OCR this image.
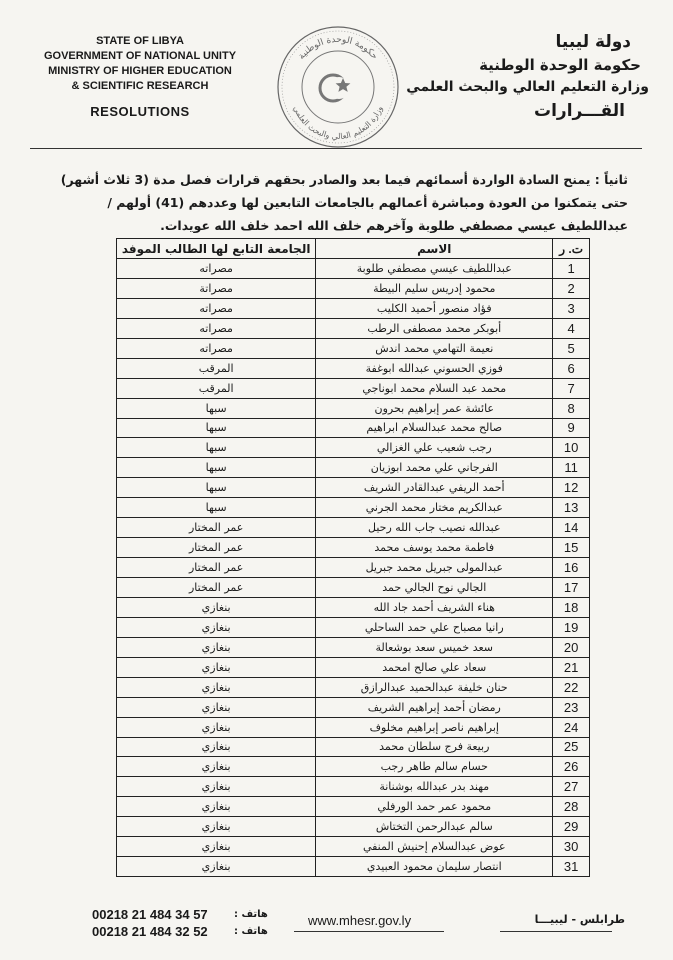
STATE OF LIBYA
GOVERNMENT OF NATIONAL UNITY
MINISTRY OF HIGHER EDUCATION
& SCIENTIFIC RESEARCH
RESOLUTIONS
حكومة الوحدة الوطنية
وزارة التعليم العالي والبحث العلمي
دولة ليبيا
حكومة الوحدة الوطنية
وزارة التعليم العالي والبحث العلمي
القـــرارات
ثانياً : يمنح السادة الواردة أسمائهم فيما بعد والصادر بحقهم قرارات فصل مدة (3 ثلاث أشهر) حتى يتمكنوا من العودة ومباشرة أعمالهم بالجامعات التابعين لها وعددهم (41) أولهم / عبداللطيف عيسي مصطفي طلوبة وآخرهم خلف الله احمد خلف الله عويدات.
ت. ر	الاسم	الجامعة التابع لها الطالب الموفد
1	عبداللطيف عيسي مصطفي طلوبة	مصراته
2	محمود إدريس سليم البيطة	مصراتة
3	فؤاد منصور أحميد الكليب	مصراته
4	أبوبكر محمد مصطفى الرطب	مصراته
5	نعيمة التهامي محمد اندش	مصراته
6	فوزي الحسوني عبدالله ابوغفة	المرقب
7	محمد عبد السلام محمد ابوناجي	المرقب
8	عائشة عمر إبراهيم بحرون	سبها
9	صالح محمد عبدالسلام ابراهيم	سبها
10	رجب شعيب علي الغزالي	سبها
11	الفرجاني علي محمد ابوزيان	سبها
12	أحمد الريفي عبدالقادر الشريف	سبها
13	عبدالكريم مختار محمد الجرني	سبها
14	عبدالله نصيب جاب الله رحيل	عمر المختار
15	فاطمة محمد يوسف محمد	عمر المختار
16	عبدالمولى جبريل محمد جبريل	عمر المختار
17	الجالي نوح الجالي حمد	عمر المختار
18	هناء الشريف أحمد جاد الله	بنغازي
19	رانيا مصباح علي حمد الساحلي	بنغازي
20	سعد خميس سعد بوشعالة	بنغازي
21	سعاد علي صالح امحمد	بنغازي
22	حنان خليفة عبدالحميد عبدالرازق	بنغازي
23	رمضان أحمد إبراهيم الشريف	بنغازي
24	إبراهيم ناصر إبراهيم مخلوف	بنغازي
25	ربيعة فرج سلطان محمد	بنغازي
26	حسام سالم طاهر رجب	بنغازي
27	مهند بدر عبدالله بوشنانة	بنغازي
28	محمود عمر حمد الورفلي	بنغازي
29	سالم عبدالرحمن التختاش	بنغازي
30	عوض عبدالسلام إحنيش المنفي	بنغازي
31	انتصار سليمان محمود العبيدي	بنغازي
00218 21 484 34 57
00218 21 484 32 52
هاتف :
هاتف :
www.mhesr.gov.ly	طرابلس - ليبيـــا
